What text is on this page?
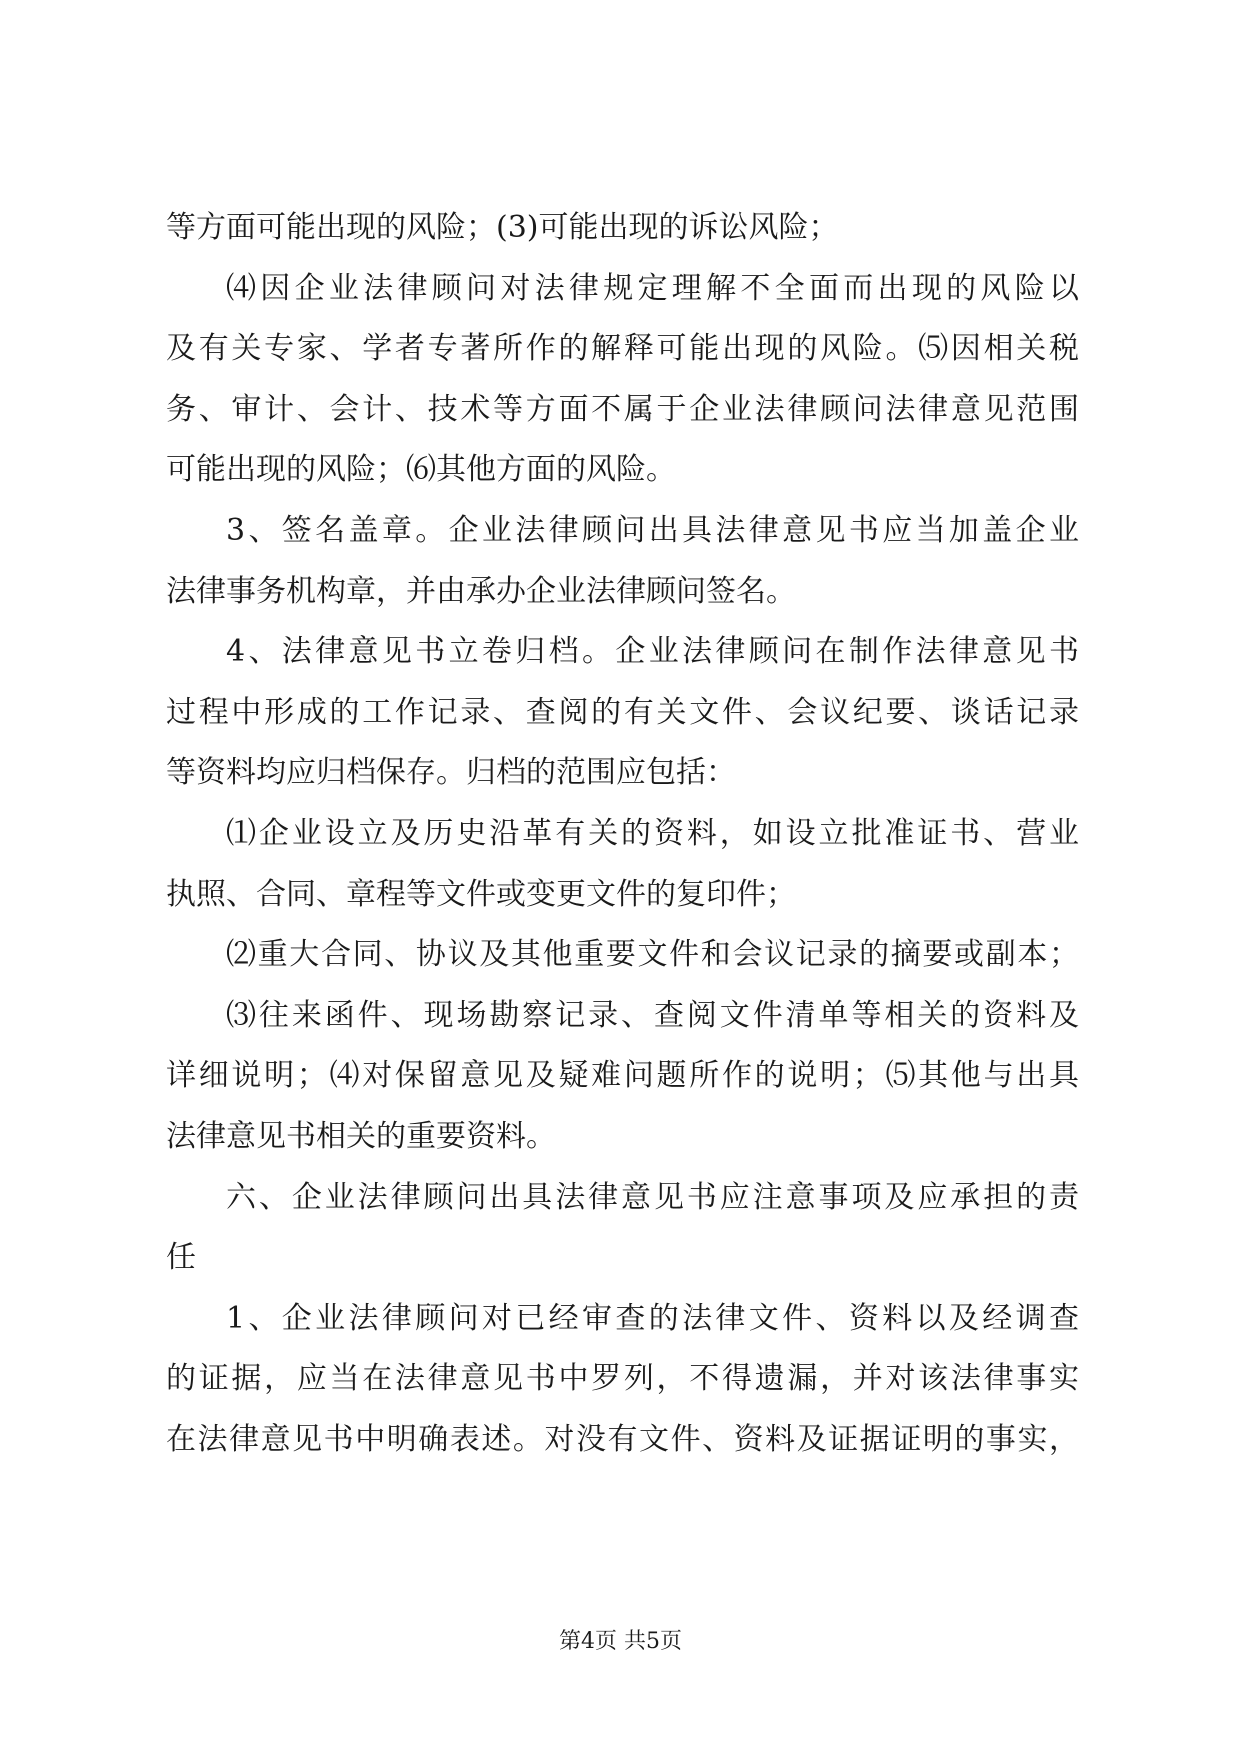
等方面可能出现的风险；(3)可能出现的诉讼风险；
⑷因企业法律顾问对法律规定理解不全面而出现的风险以
及有关专家、学者专著所作的解释可能出现的风险。⑸因相关税
务、审计、会计、技术等方面不属于企业法律顾问法律意见范围
可能出现的风险；⑹其他方面的风险。
3、签名盖章。企业法律顾问出具法律意见书应当加盖企业
法律事务机构章，并由承办企业法律顾问签名。
4、法律意见书立卷归档。企业法律顾问在制作法律意见书
过程中形成的工作记录、查阅的有关文件、会议纪要、谈话记录
等资料均应归档保存。归档的范围应包括：
⑴企业设立及历史沿革有关的资料，如设立批准证书、营业
执照、合同、章程等文件或变更文件的复印件；
⑵重大合同、协议及其他重要文件和会议记录的摘要或副本；
⑶往来函件、现场勘察记录、查阅文件清单等相关的资料及
详细说明；⑷对保留意见及疑难问题所作的说明；⑸其他与出具
法律意见书相关的重要资料。
六、企业法律顾问出具法律意见书应注意事项及应承担的责
任
1、企业法律顾问对已经审查的法律文件、资料以及经调查
的证据，应当在法律意见书中罗列，不得遗漏，并对该法律事实
在法律意见书中明确表述。对没有文件、资料及证据证明的事实，
第4页 共5页
